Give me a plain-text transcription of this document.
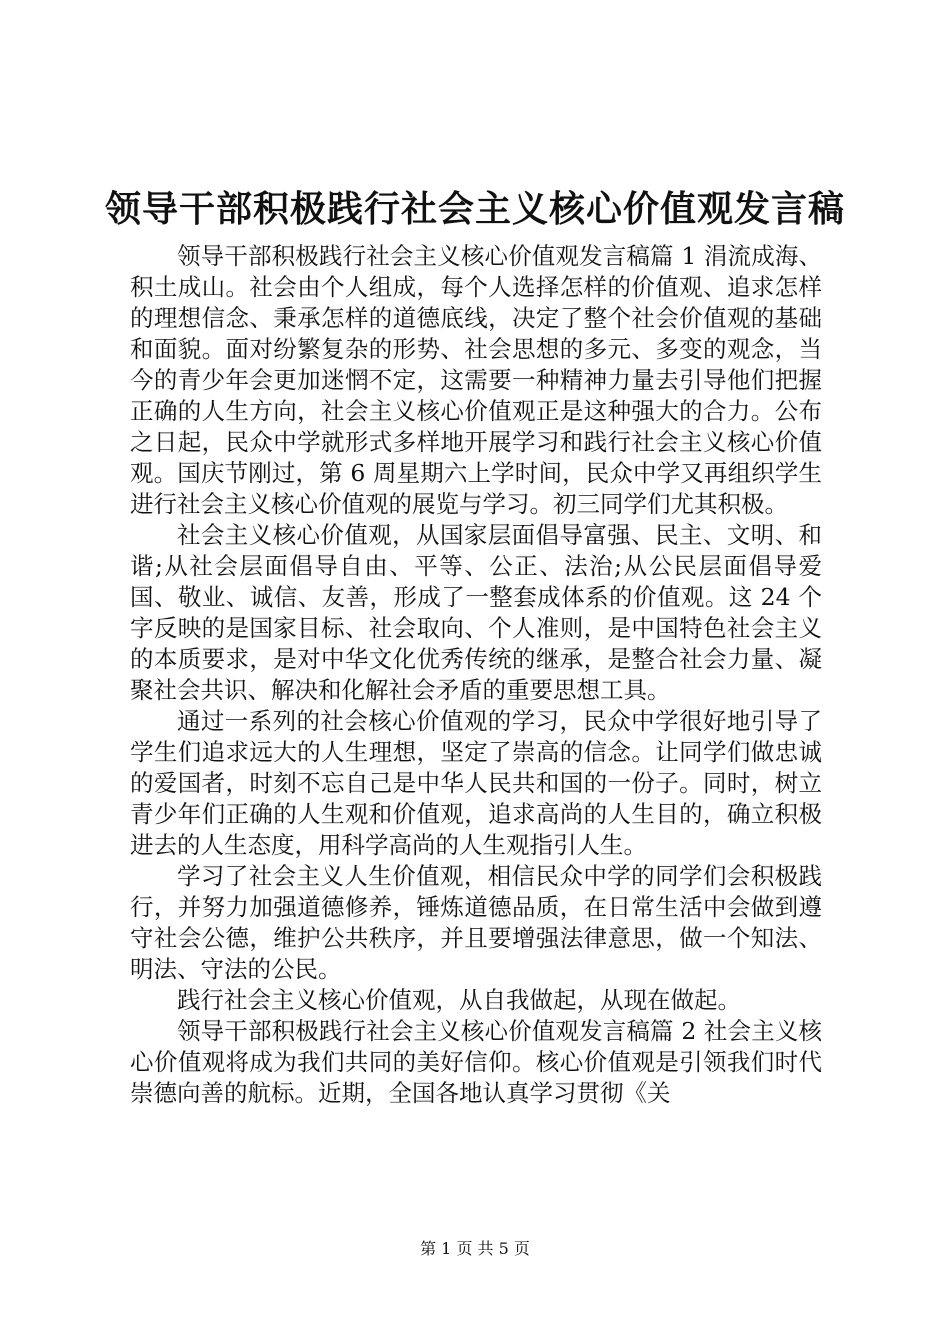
领导干部积极践行社会主义核心价值观发言稿

领导干部积极践行社会主义核心价值观发言稿篇 1 涓流成海、积土成山。社会由个人组成，每个人选择怎样的价值观、追求怎样的理想信念、秉承怎样的道德底线，决定了整个社会价值观的基础和面貌。面对纷繁复杂的形势、社会思想的多元、多变的观念，当今的青少年会更加迷惘不定，这需要一种精神力量去引导他们把握正确的人生方向，社会主义核心价值观正是这种强大的合力。公布之日起，民众中学就形式多样地开展学习和践行社会主义核心价值观。国庆节刚过，第 6 周星期六上学时间，民众中学又再组织学生进行社会主义核心价值观的展览与学习。初三同学们尤其积极。

社会主义核心价值观，从国家层面倡导富强、民主、文明、和谐;从社会层面倡导自由、平等、公正、法治;从公民层面倡导爱国、敬业、诚信、友善，形成了一整套成体系的价值观。这 24 个字反映的是国家目标、社会取向、个人准则，是中国特色社会主义的本质要求，是对中华文化优秀传统的继承，是整合社会力量、凝聚社会共识、解决和化解社会矛盾的重要思想工具。

通过一系列的社会核心价值观的学习，民众中学很好地引导了学生们追求远大的人生理想，坚定了崇高的信念。让同学们做忠诚的爱国者，时刻不忘自己是中华人民共和国的一份子。同时，树立青少年们正确的人生观和价值观，追求高尚的人生目的，确立积极进去的人生态度，用科学高尚的人生观指引人生。

学习了社会主义人生价值观，相信民众中学的同学们会积极践行，并努力加强道德修养，锤炼道德品质，在日常生活中会做到遵守社会公德，维护公共秩序，并且要增强法律意思，做一个知法、明法、守法的公民。

践行社会主义核心价值观，从自我做起，从现在做起。

领导干部积极践行社会主义核心价值观发言稿篇 2 社会主义核心价值观将成为我们共同的美好信仰。核心价值观是引领我们时代崇德向善的航标。近期，全国各地认真学习贯彻《关

第 1 页 共 5 页
